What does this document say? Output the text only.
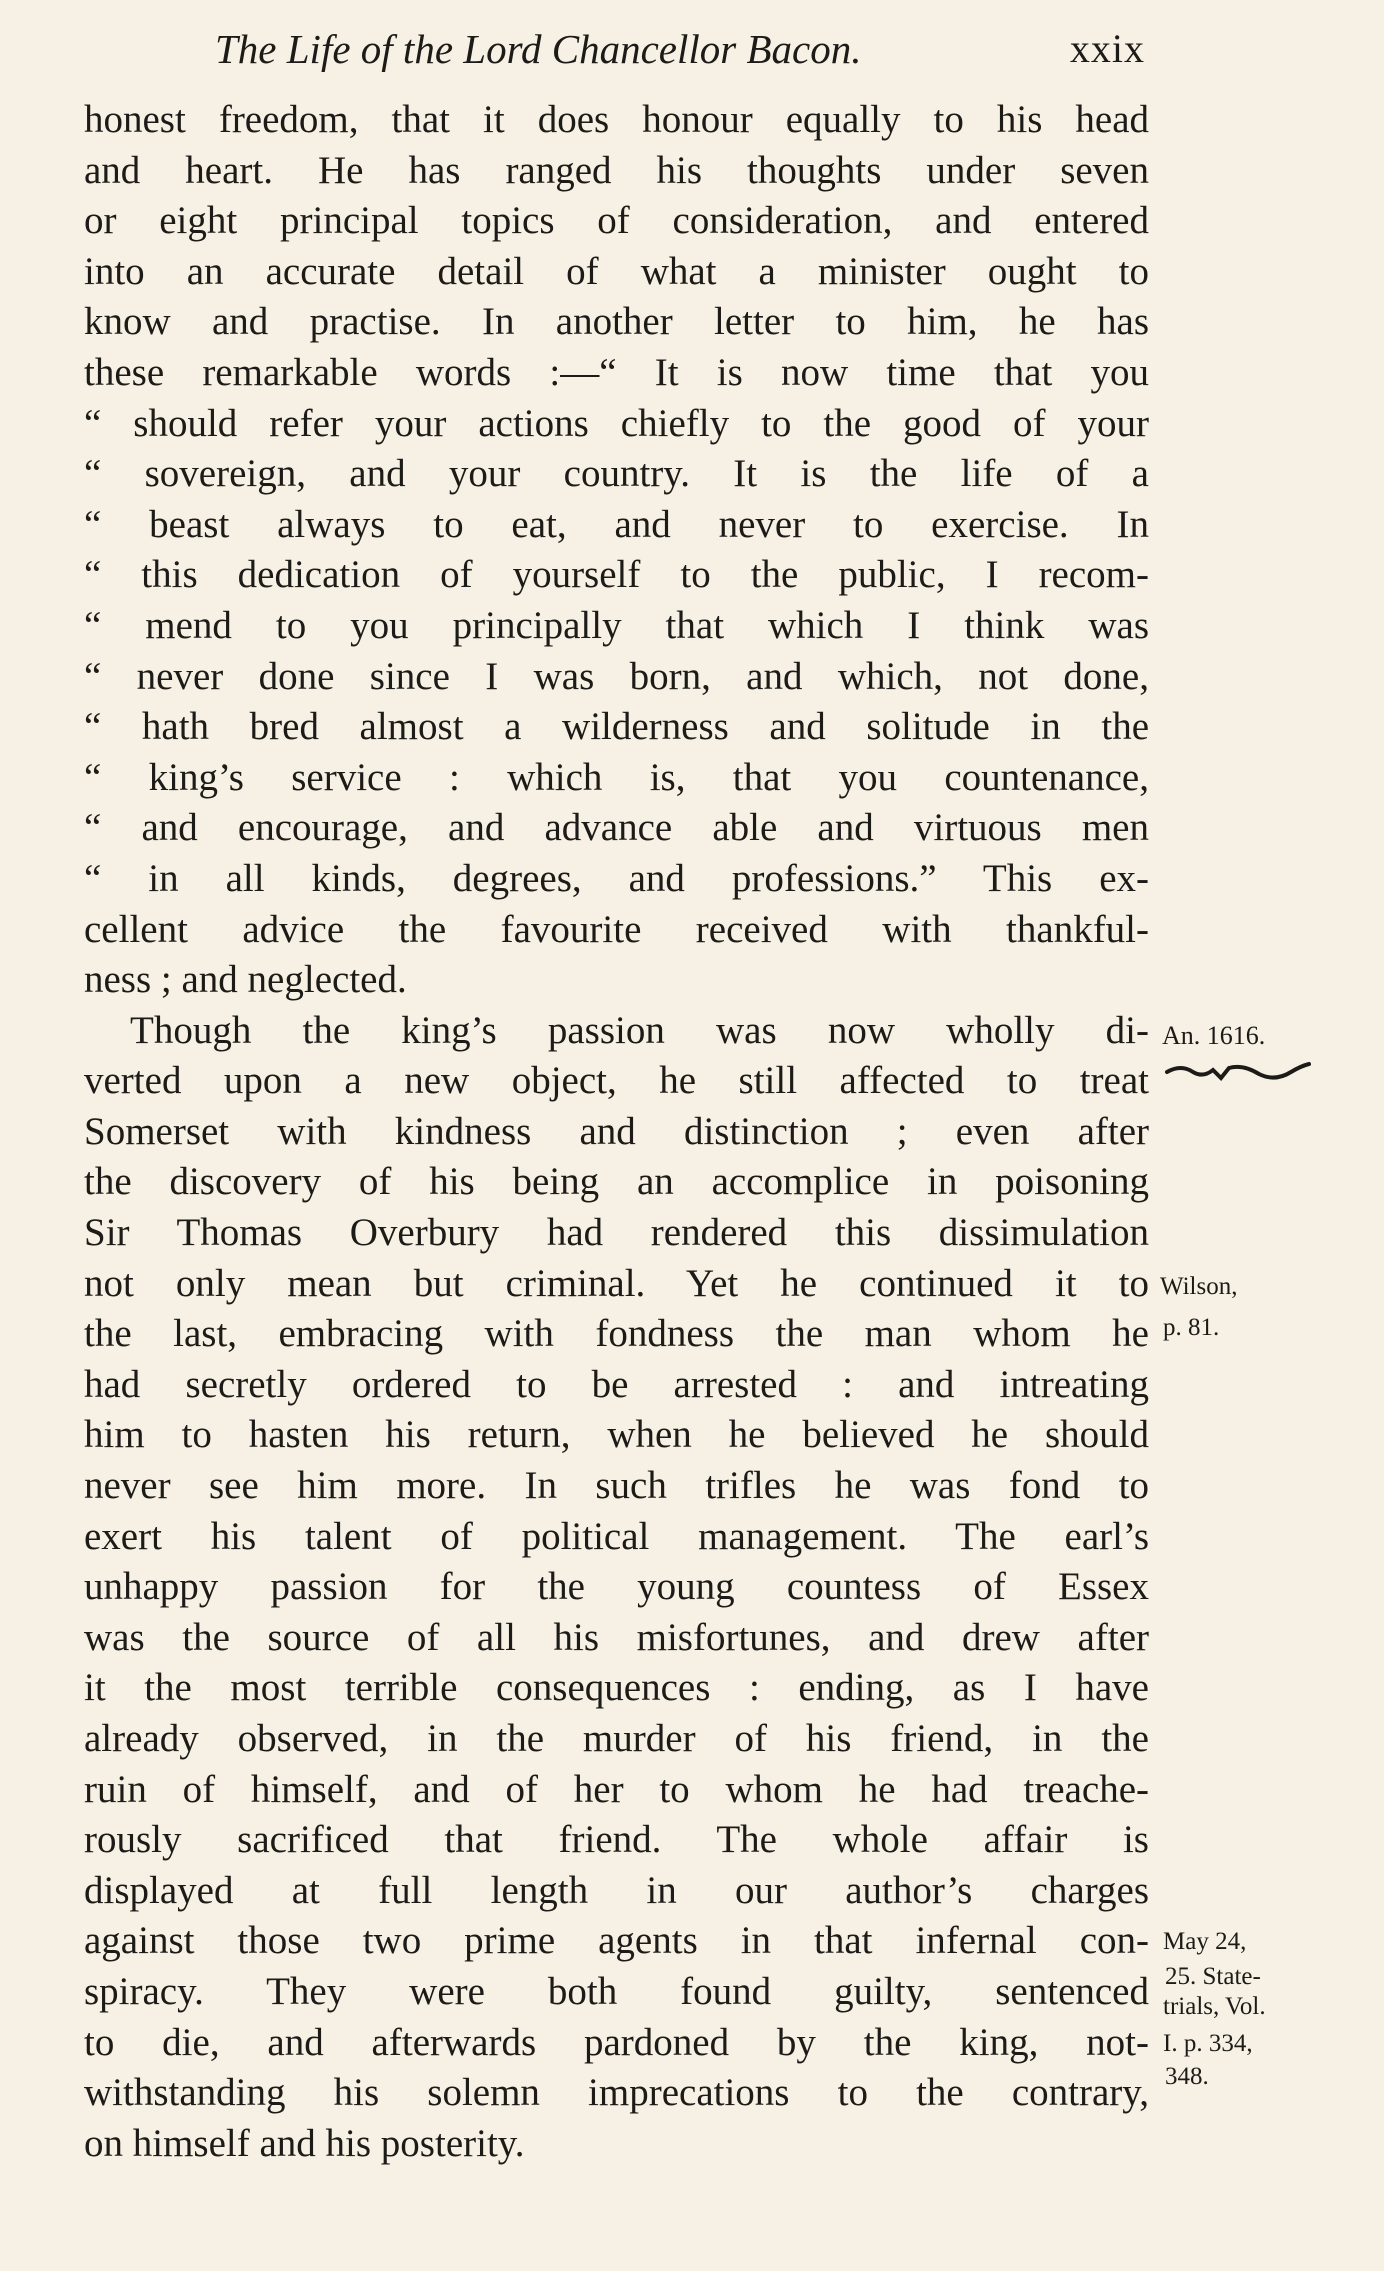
The Life of the Lord Chancellor Bacon.	xxix
honest freedom, that it does honour equally to his head
and heart. He has ranged his thoughts under seven
or eight principal topics of consideration, and entered
into an accurate detail of what a minister ought to
know and practise. In another letter to him, he has
these remarkable words :—“ It is now time that you
“ should refer your actions chiefly to the good of your
“ sovereign, and your country. It is the life of a
“ beast always to eat, and never to exercise. In
“ this dedication of yourself to the public, I recom-
“ mend to you principally that which I think was
“ never done since I was born, and which, not done,
“ hath bred almost a wilderness and solitude in the
“ king’s service : which is, that you countenance,
“ and encourage, and advance able and virtuous men
“ in all kinds, degrees, and professions.” This ex-
cellent advice the favourite received with thankful-
ness ; and neglected.
Though the king’s passion was now wholly di-
verted upon a new object, he still affected to treat
Somerset with kindness and distinction ; even after
the discovery of his being an accomplice in poisoning
Sir Thomas Overbury had rendered this dissimulation
not only mean but criminal. Yet he continued it to
the last, embracing with fondness the man whom he
had secretly ordered to be arrested : and intreating
him to hasten his return, when he believed he should
never see him more. In such trifles he was fond to
exert his talent of political management. The earl’s
unhappy passion for the young countess of Essex
was the source of all his misfortunes, and drew after
it the most terrible consequences : ending, as I have
already observed, in the murder of his friend, in the
ruin of himself, and of her to whom he had treache-
rously sacrificed that friend. The whole affair is
displayed at full length in our author’s charges
against those two prime agents in that infernal con-
spiracy. They were both found guilty, sentenced
to die, and afterwards pardoned by the king, not-
withstanding his solemn imprecations to the contrary,
on himself and his posterity.
An. 1616.
Wilson,
p. 81.
May 24,
25. State-
trials, Vol.
I. p. 334,
348.
